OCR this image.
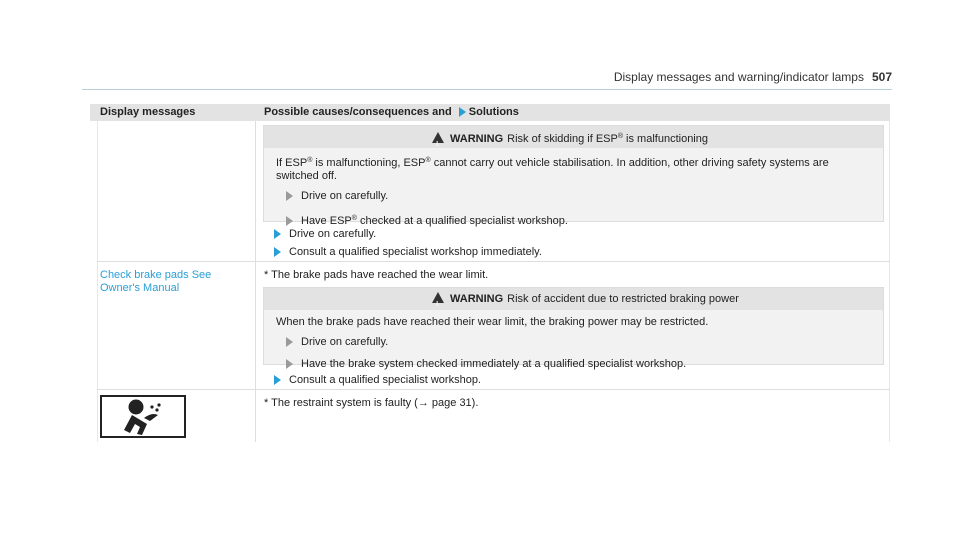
Display messages and warning/indicator lamps 507
Display messages	Possible causes/consequences and Solutions
!WARNING Risk of skidding if ESP® is malfunctioning
If ESP® is malfunctioning, ESP® cannot carry out vehicle stabilisation. In addition, other driving safety systems are switched off.
Drive on carefully.
Have ESP® checked at a qualified specialist workshop.
Drive on carefully.
Consult a qualified specialist workshop immediately.
Check brake pads See
Owner's Manual
* The brake pads have reached the wear limit.
!WARNING Risk of accident due to restricted braking power
When the brake pads have reached their wear limit, the braking power may be restricted.
Drive on carefully.
Have the brake system checked immediately at a qualified specialist workshop.
Consult a qualified specialist workshop.
* The restraint system is faulty (→ page 31).
